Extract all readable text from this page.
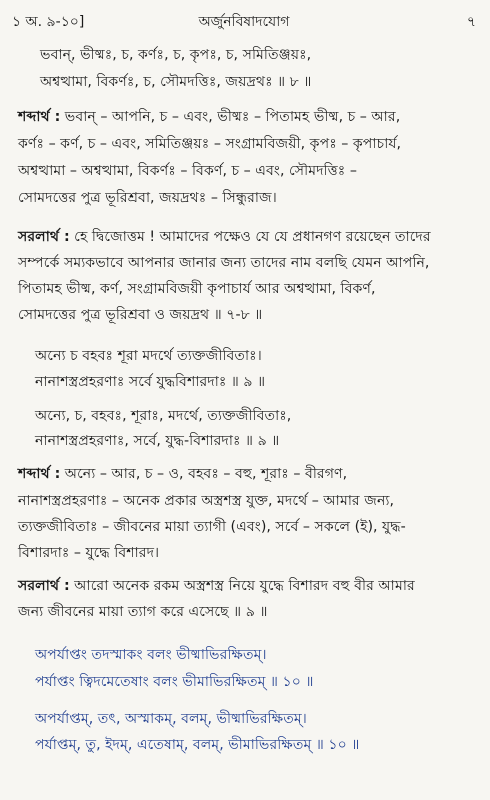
১ অ. ৯-১০]	অর্জুনবিষাদযোগ	৭
ভবান্, ভীষ্মঃ, চ, কর্ণঃ, চ, কৃপঃ, চ, সমিতিঞ্জয়ঃ,
অশ্বত্থামা, বিকর্ণঃ, চ, সৌমদত্তিঃ, জয়দ্রথঃ ॥ ৮ ॥
শব্দার্থ : ভবান্ – আপনি, চ – এবং, ভীষ্মঃ – পিতামহ ভীষ্ম, চ – আর,
কর্ণঃ – কর্ণ, চ – এবং, সমিতিঞ্জয়ঃ – সংগ্রামবিজয়ী, কৃপঃ – কৃপাচার্য,
অশ্বত্থামা – অশ্বত্থামা, বিকর্ণঃ – বিকর্ণ, চ – এবং, সৌমদত্তিঃ –
সোমদত্তের পুত্র ভূরিশ্রবা, জয়দ্রথঃ – সিন্ধুরাজ।
সরলার্থ : হে দ্বিজোত্তম ! আমাদের পক্ষেও যে যে প্রধানগণ রয়েছেন তাদের
সম্পর্কে সম্যকভাবে আপনার জানার জন্য তাদের নাম বলছি যেমন আপনি,
পিতামহ ভীষ্ম, কর্ণ, সংগ্রামবিজয়ী কৃপাচার্য আর অশ্বত্থামা, বিকর্ণ,
সোমদত্তের পুত্র ভূরিশ্রবা ও জয়দ্রথ ॥ ৭-৮ ॥
অন্যে চ বহবঃ শূরা মদর্থে ত্যক্তজীবিতাঃ।
নানাশস্ত্রপ্রহরণাঃ সর্বে যুদ্ধবিশারদাঃ ॥ ৯ ॥
অন্যে, চ, বহবঃ, শূরাঃ, মদর্থে, ত্যক্তজীবিতাঃ,
নানাশস্ত্রপ্রহরণাঃ, সর্বে, যুদ্ধ-বিশারদাঃ ॥ ৯ ॥
শব্দার্থ : অন্যে – আর, চ – ও, বহবঃ – বহু, শূরাঃ – বীরগণ,
নানাশস্ত্রপ্রহরণাঃ – অনেক প্রকার অস্ত্রশস্ত্র যুক্ত, মদর্থে – আমার জন্য,
ত্যক্তজীবিতাঃ – জীবনের মায়া ত্যাগী (এবং), সর্বে – সকলে (ই), যুদ্ধ-
বিশারদাঃ – যুদ্ধে বিশারদ।
সরলার্থ : আরো অনেক রকম অস্ত্রশস্ত্র নিয়ে যুদ্ধে বিশারদ বহু বীর আমার
জন্য জীবনের মায়া ত্যাগ করে এসেছে ॥ ৯ ॥
অপর্যাপ্তং তদস্মাকং বলং ভীষ্মাভিরক্ষিতম্।
পর্যাপ্তং ত্বিদমেতেষাং বলং ভীমাভিরক্ষিতম্ ॥ ১০ ॥
অপর্যাপ্তম্, তৎ, অস্মাকম্, বলম্, ভীষ্মাভিরক্ষিতম্।
পর্যাপ্তম্, তু, ইদম্, এতেষাম্, বলম্, ভীমাভিরক্ষিতম্ ॥ ১০ ॥
